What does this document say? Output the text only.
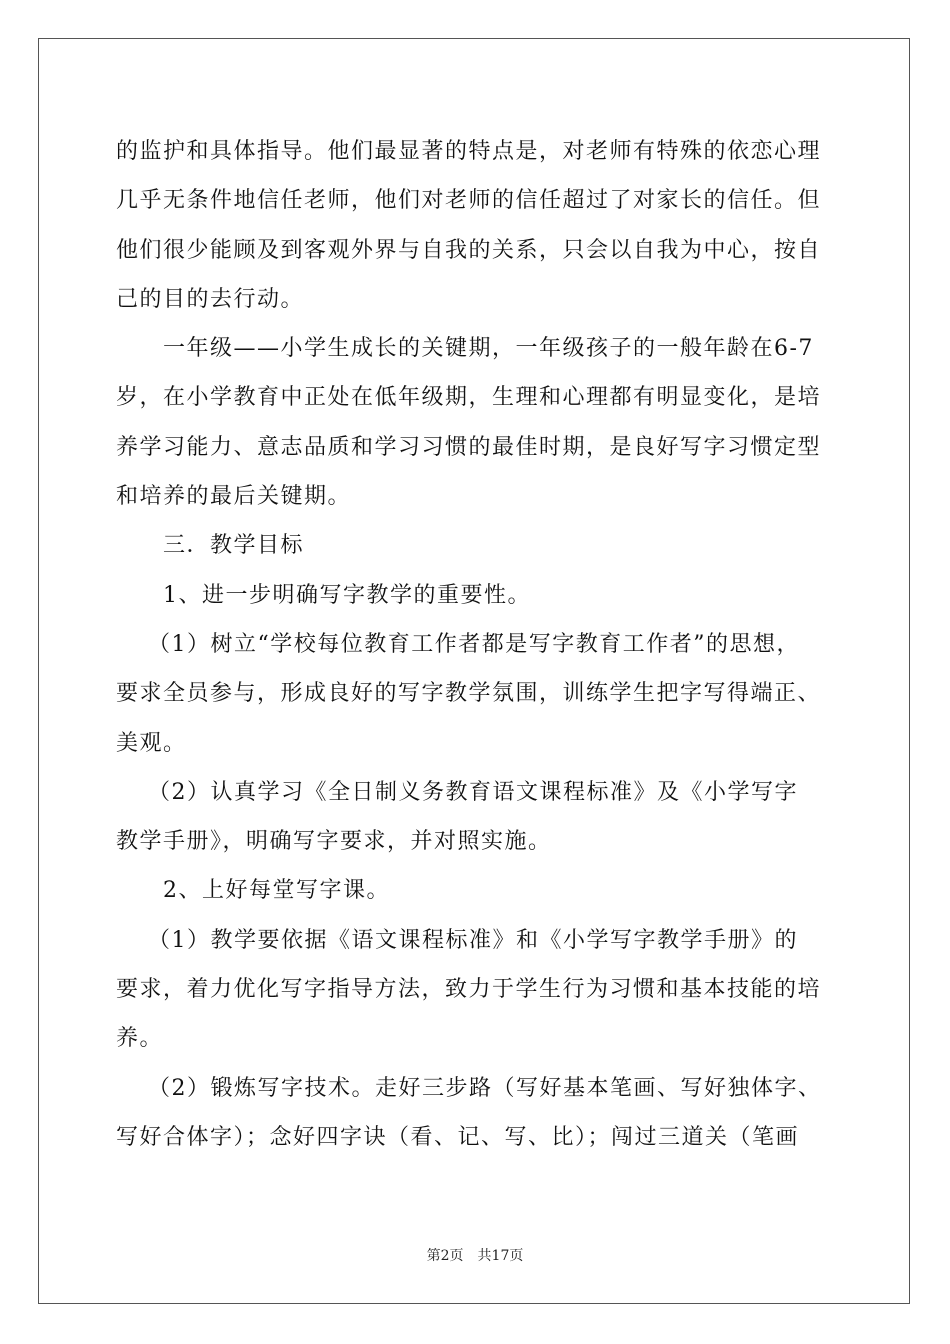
的监护和具体指导。他们最显著的特点是，对老师有特殊的依恋心理
几乎无条件地信任老师，他们对老师的信任超过了对家长的信任。但
他们很少能顾及到客观外界与自我的关系，只会以自我为中心，按自
己的目的去行动。
　　一年级——小学生成长的关键期，一年级孩子的一般年龄在6-7
岁，在小学教育中正处在低年级期，生理和心理都有明显变化，是培
养学习能力、意志品质和学习习惯的最佳时期，是良好写字习惯定型
和培养的最后关键期。
　　三．教学目标
　　1、进一步明确写字教学的重要性。
　 （1）树立“学校每位教育工作者都是写字教育工作者”的思想，
要求全员参与，形成良好的写字教学氛围，训练学生把字写得端正、
美观。
　 （2）认真学习《全日制义务教育语文课程标准》及《小学写字
教学手册》，明确写字要求，并对照实施。
　　2、上好每堂写字课。
　 （1）教学要依据《语文课程标准》和《小学写字教学手册》的
要求，着力优化写字指导方法，致力于学生行为习惯和基本技能的培
养。
　 （2）锻炼写字技术。走好三步路（写好基本笔画、写好独体字、
写好合体字）；念好四字诀（看、记、写、比）；闯过三道关（笔画

第2页 共17页
